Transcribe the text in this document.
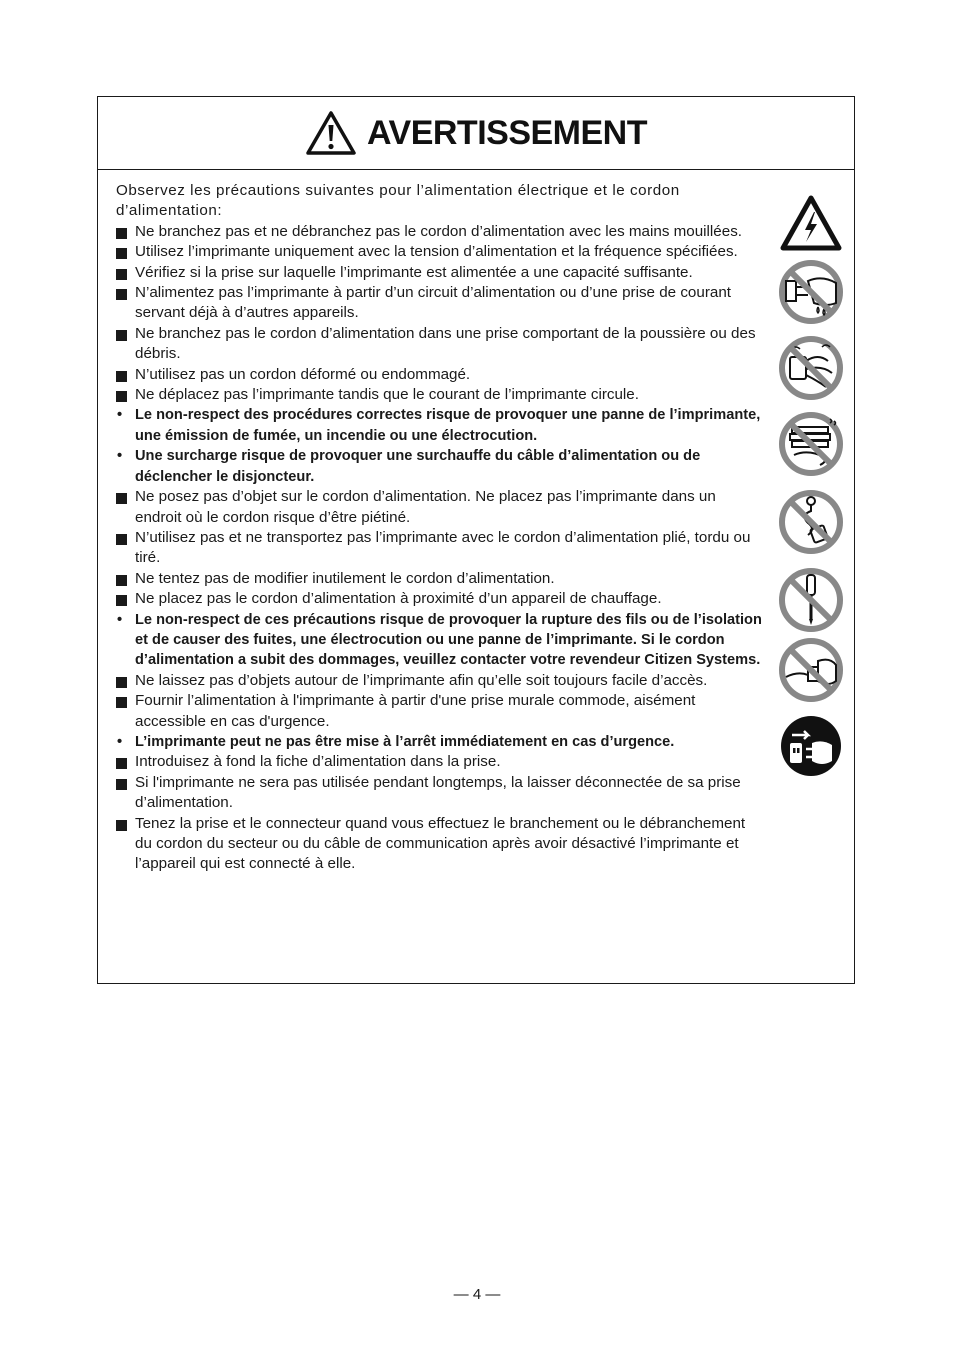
AVERTISSEMENT

Observez les précautions suivantes pour l’alimentation électrique et le cordon d’alimentation:

Ne branchez pas et ne débranchez pas le cordon d’alimentation avec les mains mouillées.
Utilisez l’imprimante uniquement avec la tension d’alimentation et la fréquence spécifiées.
Vérifiez si la prise sur laquelle l’imprimante est alimentée a une capacité suffisante.
N’alimentez pas l’imprimante à partir d’un circuit d’alimentation ou d’une prise de courant servant déjà à d’autres appareils.
Ne branchez pas le cordon d’alimentation dans une prise comportant de la poussière ou des débris.
N’utilisez pas un cordon déformé ou endommagé.
Ne déplacez pas l’imprimante tandis que le courant de l’imprimante circule.
• Le non-respect des procédures correctes risque de provoquer une panne de l’imprimante, une émission de fumée, un incendie ou une électrocution.
• Une surcharge risque de provoquer une surchauffe du câble d’alimentation ou de déclencher le disjoncteur.
Ne posez pas d’objet sur le cordon d’alimentation. Ne placez pas l’imprimante dans un endroit où le cordon risque d’être piétiné.
N’utilisez pas et ne transportez pas l’imprimante avec le cordon d’alimentation plié, tordu ou tiré.
Ne tentez pas de modifier inutilement le cordon d’alimentation.
Ne placez pas le cordon d’alimentation à proximité d’un appareil de chauffage.
• Le non-respect de ces précautions risque de provoquer la rupture des fils ou de l’isolation et de causer des fuites, une électrocution ou une panne de l’imprimante. Si le cordon d’alimentation a subit des dommages, veuillez contacter votre revendeur Citizen Systems.
Ne laissez pas d’objets autour de l’imprimante afin qu’elle soit toujours facile d’accès.
Fournir l’alimentation à l'imprimante à partir d'une prise murale commode, aisément accessible en cas d'urgence.
• L’imprimante peut ne pas être mise à l’arrêt immédiatement en cas d’urgence.
Introduisez à fond la fiche d’alimentation dans la prise.
Si l'imprimante ne sera pas utilisée pendant longtemps, la laisser déconnectée de sa prise d’alimentation.
Tenez la prise et le connecteur quand vous effectuez le branchement ou le débranchement du cordon du secteur ou du câble de communication après avoir désactivé l’imprimante et l’appareil qui est connecté à elle.
— 4 —
